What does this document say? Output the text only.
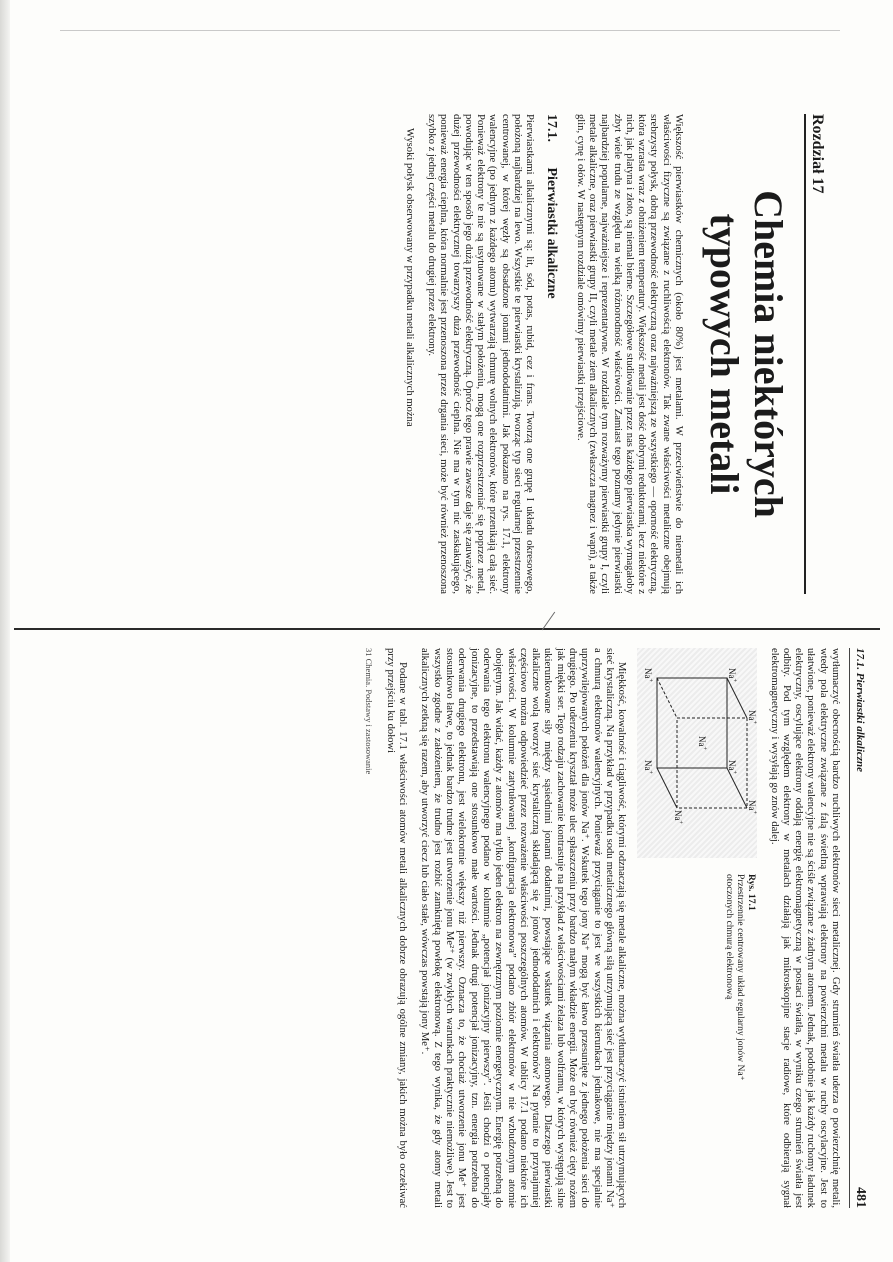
Rozdział 17
Chemia niektórych
typowych metali

Większość pierwiastków chemicznych (około 80%) jest metalami. W przeciwieństwie do niemetali ich właściwości fizyczne są związane z ruchliwością elektronów. Tak zwane właściwości metaliczne obejmują srebrzysty połysk, dobrą przewodność elektryczną oraz najważniejszą ze wszystkiego — oporność elektryczną, która wzrasta wraz z obniżeniem temperatury. Większość metali jest dość dobrymi reduktorami, lecz niektóre z nich, jak platyna i złoto, są niemal bierne. Szczegółowe studiowanie przez nas każdego pierwiastka wymagałoby zbyt wiele trudu ze względu na wielką różnorodność właściwości. Zamiast tego poznamy jedynie pierwiastki najbardziej popularne, najważniejsze i reprezentatywne. W rozdziale tym rozważymy pierwiastki grupy I, czyli metale alkaliczne, oraz pierwiastki grupy II, czyli metale ziem alkalicznych (zwłaszcza magnez i wapń), a także glin, cynę i ołów. W następnym rozdziale omówimy pierwiastki przejściowe.

17.1. Pierwiastki alkaliczne

Pierwiastkami alkalicznymi są: lit, sód, potas, rubid, cez i frans. Tworzą one grupę I układu okresowego, położoną najbardziej na lewo. Wszystkie te pierwiastki krystalizują, tworząc typ sieci regularnej przestrzennie centrowanej, w której węzły są obsadzone jonami jednododatnimi. Jak pokazano na rys. 17.1, elektrony walencyjne (po jednym z każdego atomu) wytwarzają chmurę wolnych elektronów, które przenikają całą sieć. Ponieważ elektrony te nie są usytuowane w stałym położeniu, mogą one rozprzestrzeniać się poprzez metal, powodując w ten sposób jego dużą przewodność elektryczną. Oprócz tego prawie zawsze daje się zauważyć, że dużej przewodności elektrycznej towarzyszy duża przewodność cieplna. Nie ma w tym nic zaskakującego, ponieważ energia cieplna, która normalnie jest przenoszona przez drgania sieci, może być również przenoszona szybko z jednej części metalu do drugiej przez elektrony.

Wysoki połysk obserwowany w przypadku metali alkalicznych można

17.1. Pierwiastki alkaliczne
481

wytłumaczyć obecnością bardzo ruchliwych elektronów sieci metalicznej. Gdy strumień światła uderza o powierzchnię metali, wtedy pola elektryczne związane z falą świetlną wprawiają elektrony na powierzchni metalu w ruchy oscylacyjne. Jest to ułatwione, ponieważ elektrony walencyjne nie są ściśle związane z żadnym atomem. Jednak, podobnie jak każdy ruchomy ładunek elektryczny, oscylujące elektrony oddają energię elektromagnetyczną w postaci światła, w wyniku czego strumień światła jest odbity. Pod tym względem elektrony w metalach działają jak mikroskopijne stacje radiowe, które odbierają sygnał elektromagnetyczny i wysyłają go znów dalej.

Na+
Na+
Na+
Na+
Na+
Na+
Na+
Na+
Rys. 17.1
Przestrzennie centrowany układ regularny jonów Na⁺ otoczonych chmurą elektronową

Miękkość, kowalność i ciągliwość, którymi odznaczają się metale alkaliczne, można wytłumaczyć istnieniem sił utrzymujących sieć krystaliczną. Na przykład w przypadku sodu metalicznego główną siłą utrzymującą sieć jest przyciąganie między jonami Na⁺ a chmurą elektronów walencyjnych. Ponieważ przyciąganie to jest we wszystkich kierunkach jednakowe, nie ma specjalnie uprzywilejowanych położeń dla jonów Na⁺. Wskutek tego jony Na⁺ mogą być łatwo przesunięte z jednego położenia sieci do drugiego. Po uderzeniu kryształ może ulec spłaszczeniu przy bardzo małym wkładzie energii. Może on być również cięty nożem jak miękki ser. Tego rodzaju zachowanie kontrastuje na przykład z właściwościami żelaza lub wolframu, w których występują silne ukierunkowane siły między sąsiednimi jonami dodatnimi, powstające wskutek wiązania atomowego. Dlaczego pierwiastki alkaliczne wolą tworzyć sieć krystaliczną składającą się z jonów jednododatnich i elektronów? Na pytanie to przynajmniej częściowo można odpowiedzieć przez rozważenie właściwości poszczególnych atomów. W tablicy 17.1 podano niektóre ich właściwości. W kolumnie zatytułowanej „konfiguracja elektronowa” podano zbiór elektronów w nie wzbudzonym atomie obojętnym. Jak widać, każdy z atomów ma tylko jeden elektron na zewnętrznym poziomie energetycznym. Energię potrzebną do oderwania tego elektronu walencyjnego podano w kolumnie „potencjał jonizacyjny pierwszy”. Jeśli chodzi o potencjały jonizacyjne, to przedstawiają one stosunkowo małe wartości. Jednak drugi potencjał jonizacyjny, tzn. energia potrzebna do oderwania drugiego elektronu, jest wielokrotnie większy niż pierwszy. Oznacza to, że chociaż utworzenie jonu Me⁺ jest stosunkowo łatwe, to jednak bardzo trudne jest utworzenie jonu Me²⁺ (w zwykłych warunkach praktycznie niemożliwe). Jest to wszystko zgodne z założeniem, że trudno jest rozbić zamkniętą powłokę elektronową. Z tego wynika, że gdy atomy metali alkalicznych zetkną się razem, aby utworzyć ciecz lub ciało stałe, wówczas powstają jony Me⁺.

Podane w tabl. 17.1 właściwości atomów metali alkalicznych dobrze obrazują ogólne zmiany, jakich można było oczekiwać przy przejściu ku dołowi

31 Chemia. Podstawy i zastosowanie
